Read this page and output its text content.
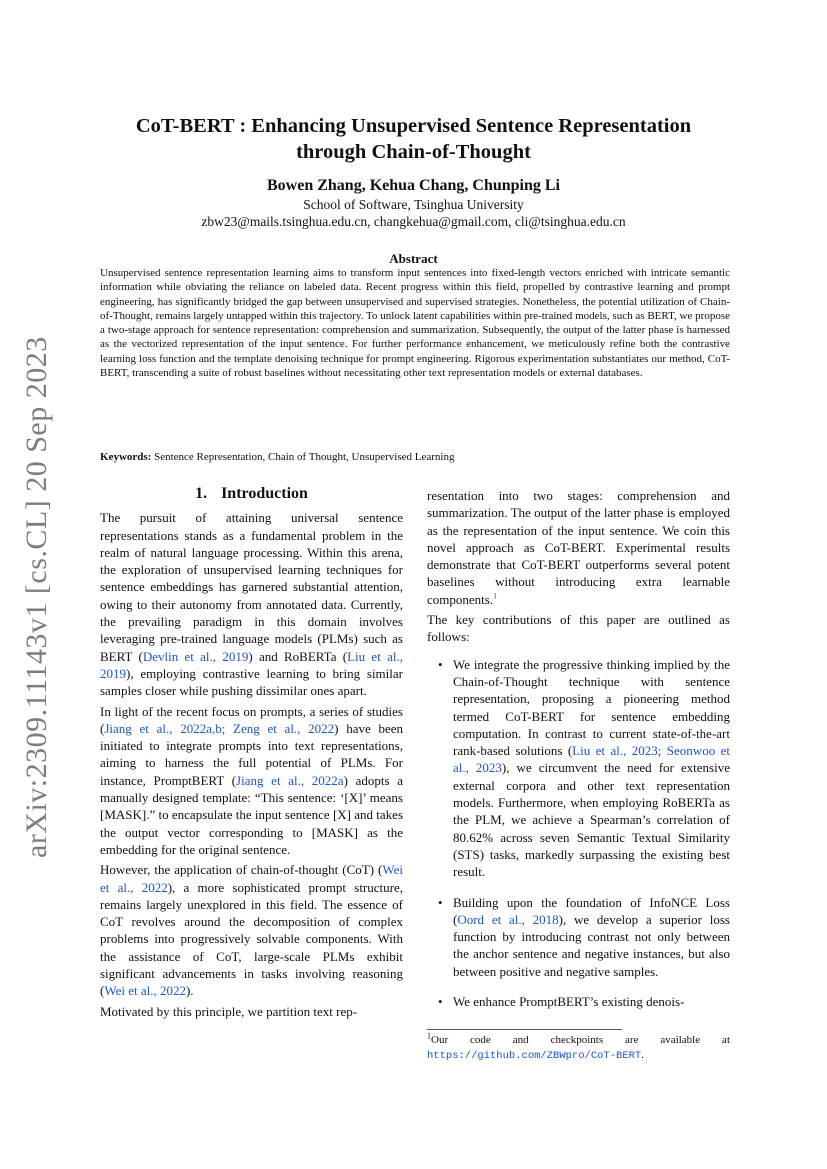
arXiv:2309.11143v1 [cs.CL] 20 Sep 2023
CoT-BERT : Enhancing Unsupervised Sentence Representation
through Chain-of-Thought
Bowen Zhang, Kehua Chang, Chunping Li
School of Software, Tsinghua University
zbw23@mails.tsinghua.edu.cn, changkehua@gmail.com, cli@tsinghua.edu.cn
Abstract
Unsupervised sentence representation learning aims to transform input sentences into fixed-length vectors enriched with intricate semantic information while obviating the reliance on labeled data. Recent progress within this field, propelled by contrastive learning and prompt engineering, has significantly bridged the gap between unsupervised and supervised strategies. Nonetheless, the potential utilization of Chain-of-Thought, remains largely untapped within this trajectory. To unlock latent capabilities within pre-trained models, such as BERT, we propose a two-stage approach for sentence representation: comprehension and summarization. Subsequently, the output of the latter phase is harnessed as the vectorized representation of the input sentence. For further performance enhancement, we meticulously refine both the contrastive learning loss function and the template denoising technique for prompt engineering. Rigorous experimentation substantiates our method, CoT-BERT, transcending a suite of robust baselines without necessitating other text representation models or external databases.
Keywords: Sentence Representation, Chain of Thought, Unsupervised Learning
1. Introduction

The pursuit of attaining universal sentence representations stands as a fundamental problem in the realm of natural language processing. Within this arena, the exploration of unsupervised learning techniques for sentence embeddings has garnered substantial attention, owing to their autonomy from annotated data. Currently, the prevailing paradigm in this domain involves leveraging pre-trained language models (PLMs) such as BERT (Devlin et al., 2019) and RoBERTa (Liu et al., 2019), employing contrastive learning to bring similar samples closer while pushing dissimilar ones apart.

In light of the recent focus on prompts, a series of studies (Jiang et al., 2022a,b; Zeng et al., 2022) have been initiated to integrate prompts into text representations, aiming to harness the full potential of PLMs. For instance, PromptBERT (Jiang et al., 2022a) adopts a manually designed template: “This sentence: ‘[X]’ means [MASK].” to encapsulate the input sentence [X] and takes the output vector corresponding to [MASK] as the embedding for the original sentence.

However, the application of chain-of-thought (CoT) (Wei et al., 2022), a more sophisticated prompt structure, remains largely unexplored in this field. The essence of CoT revolves around the decomposition of complex problems into progressively solvable components. With the assistance of CoT, large-scale PLMs exhibit significant advancements in tasks involving reasoning (Wei et al., 2022).

Motivated by this principle, we partition text rep-

resentation into two stages: comprehension and summarization. The output of the latter phase is employed as the representation of the input sentence. We coin this novel approach as CoT-BERT. Experimental results demonstrate that CoT-BERT outperforms several potent baselines without introducing extra learnable components.$^1$

The key contributions of this paper are outlined as follows:

• We integrate the progressive thinking implied by the Chain-of-Thought technique with sentence representation, proposing a pioneering method termed CoT-BERT for sentence embedding computation. In contrast to current state-of-the-art rank-based solutions (Liu et al., 2023; Seonwoo et al., 2023), we circumvent the need for extensive external corpora and other text representation models. Furthermore, when employing RoBERTa as the PLM, we achieve a Spearman’s correlation of 80.62% across seven Semantic Textual Similarity (STS) tasks, markedly surpassing the existing best result.
• Building upon the foundation of InfoNCE Loss (Oord et al., 2018), we develop a superior loss function by introducing contrast not only between the anchor sentence and negative instances, but also between positive and negative samples.
• We enhance PromptBERT’s existing denois-
$^1$Our code and checkpoints are available at https://github.com/ZBWpro/CoT-BERT.
